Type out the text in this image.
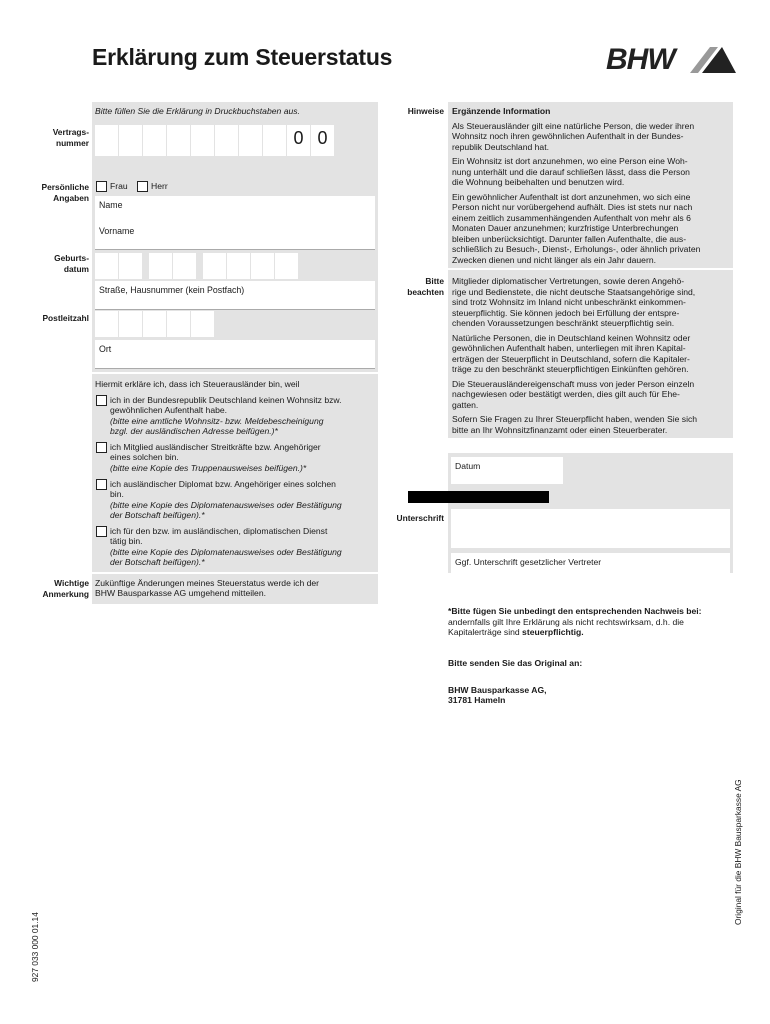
Erklärung zum Steuerstatus	BHW
Bitte füllen Sie die Erklärung in Druckbuchstaben aus.
Vertrags-
nummer
Persönliche
Angaben
Frau	Herr
Name
Vorname
Geburts-
datum
Straße, Hausnummer (kein Postfach)
Postleitzahl
Ort
Hiermit erkläre ich, dass ich Steuerausländer bin, weil
ich in der Bundesrepublik Deutschland keinen Wohnsitz bzw.
gewöhnlichen Aufenthalt habe.
(bitte eine amtliche Wohnsitz- bzw. Meldebescheinigung
bzgl. der ausländischen Adresse beifügen.)*
ich Mitglied ausländischer Streitkräfte bzw. Angehöriger
eines solchen bin.
(bitte eine Kopie des Truppenausweises beifügen.)*
ich ausländischer Diplomat bzw. Angehöriger eines solchen
bin.
(bitte eine Kopie des Diplomatenausweises oder Bestätigung
der Botschaft beifügen).*
ich für den bzw. im ausländischen, diplomatischen Dienst
tätig bin.
(bitte eine Kopie des Diplomatenausweises oder Bestätigung
der Botschaft beifügen).*
Wichtige
Anmerkung
Zukünftige Änderungen meines Steuerstatus werde ich der
BHW Bausparkasse AG umgehend mitteilen.
Hinweise Ergänzende Information
Als Steuerausländer gilt eine natürliche Person, die weder ihren
Wohnsitz noch ihren gewöhnlichen Aufenthalt in der Bundes-
republik Deutschland hat.
Ein Wohnsitz ist dort anzunehmen, wo eine Person eine Woh-
nung unterhält und die darauf schließen lässt, dass die Person
die Wohnung beibehalten und benutzen wird.
Ein gewöhnlicher Aufenthalt ist dort anzunehmen, wo sich eine
Person nicht nur vorübergehend aufhält. Dies ist stets nur nach
einem zeitlich zusammenhängenden Aufenthalt von mehr als 6
Monaten Dauer anzunehmen; kurzfristige Unterbrechungen
bleiben unberücksichtigt. Darunter fallen Aufenthalte, die aus-
schließlich zu Besuch-, Dienst-, Erholungs-, oder ähnlich privaten
Zwecken dienen und nicht länger als ein Jahr dauern.
Bitte
beachten
Mitglieder diplomatischer Vertretungen, sowie deren Angehö-
rige und Bedienstete, die nicht deutsche Staatsangehörige sind,
sind trotz Wohnsitz im Inland nicht unbeschränkt einkommen-
steuerpflichtig. Sie können jedoch bei Erfüllung der entspre-
chenden Voraussetzungen beschränkt steuerpflichtig sein.
Natürliche Personen, die in Deutschland keinen Wohnsitz oder
gewöhnlichen Aufenthalt haben, unterliegen mit ihren Kapital-
erträgen der Steuerpflicht in Deutschland, sofern die Kapitaler-
träge zu den beschränkt steuerpflichtigen Einkünften gehören.
Die Steuerausländereigenschaft muss von jeder Person einzeln
nachgewiesen oder bestätigt werden, dies gilt auch für Ehe-
gatten.
Sofern Sie Fragen zu Ihrer Steuerpflicht haben, wenden Sie sich
bitte an Ihr Wohnsitzfinanzamt oder einen Steuerberater.
Datum
Unterschrift
Ggf. Unterschrift gesetzlicher Vertreter
*Bitte fügen Sie unbedingt den entsprechenden Nachweis bei:
andernfalls gilt Ihre Erklärung als nicht rechtswirksam, d.h. die
Kapitalerträge sind steuerpflichtig.
Bitte senden Sie das Original an:
BHW Bausparkasse AG,
31781 Hameln
Original für die BHW Bausparkasse AG
927 033 000 01.14
0 0
